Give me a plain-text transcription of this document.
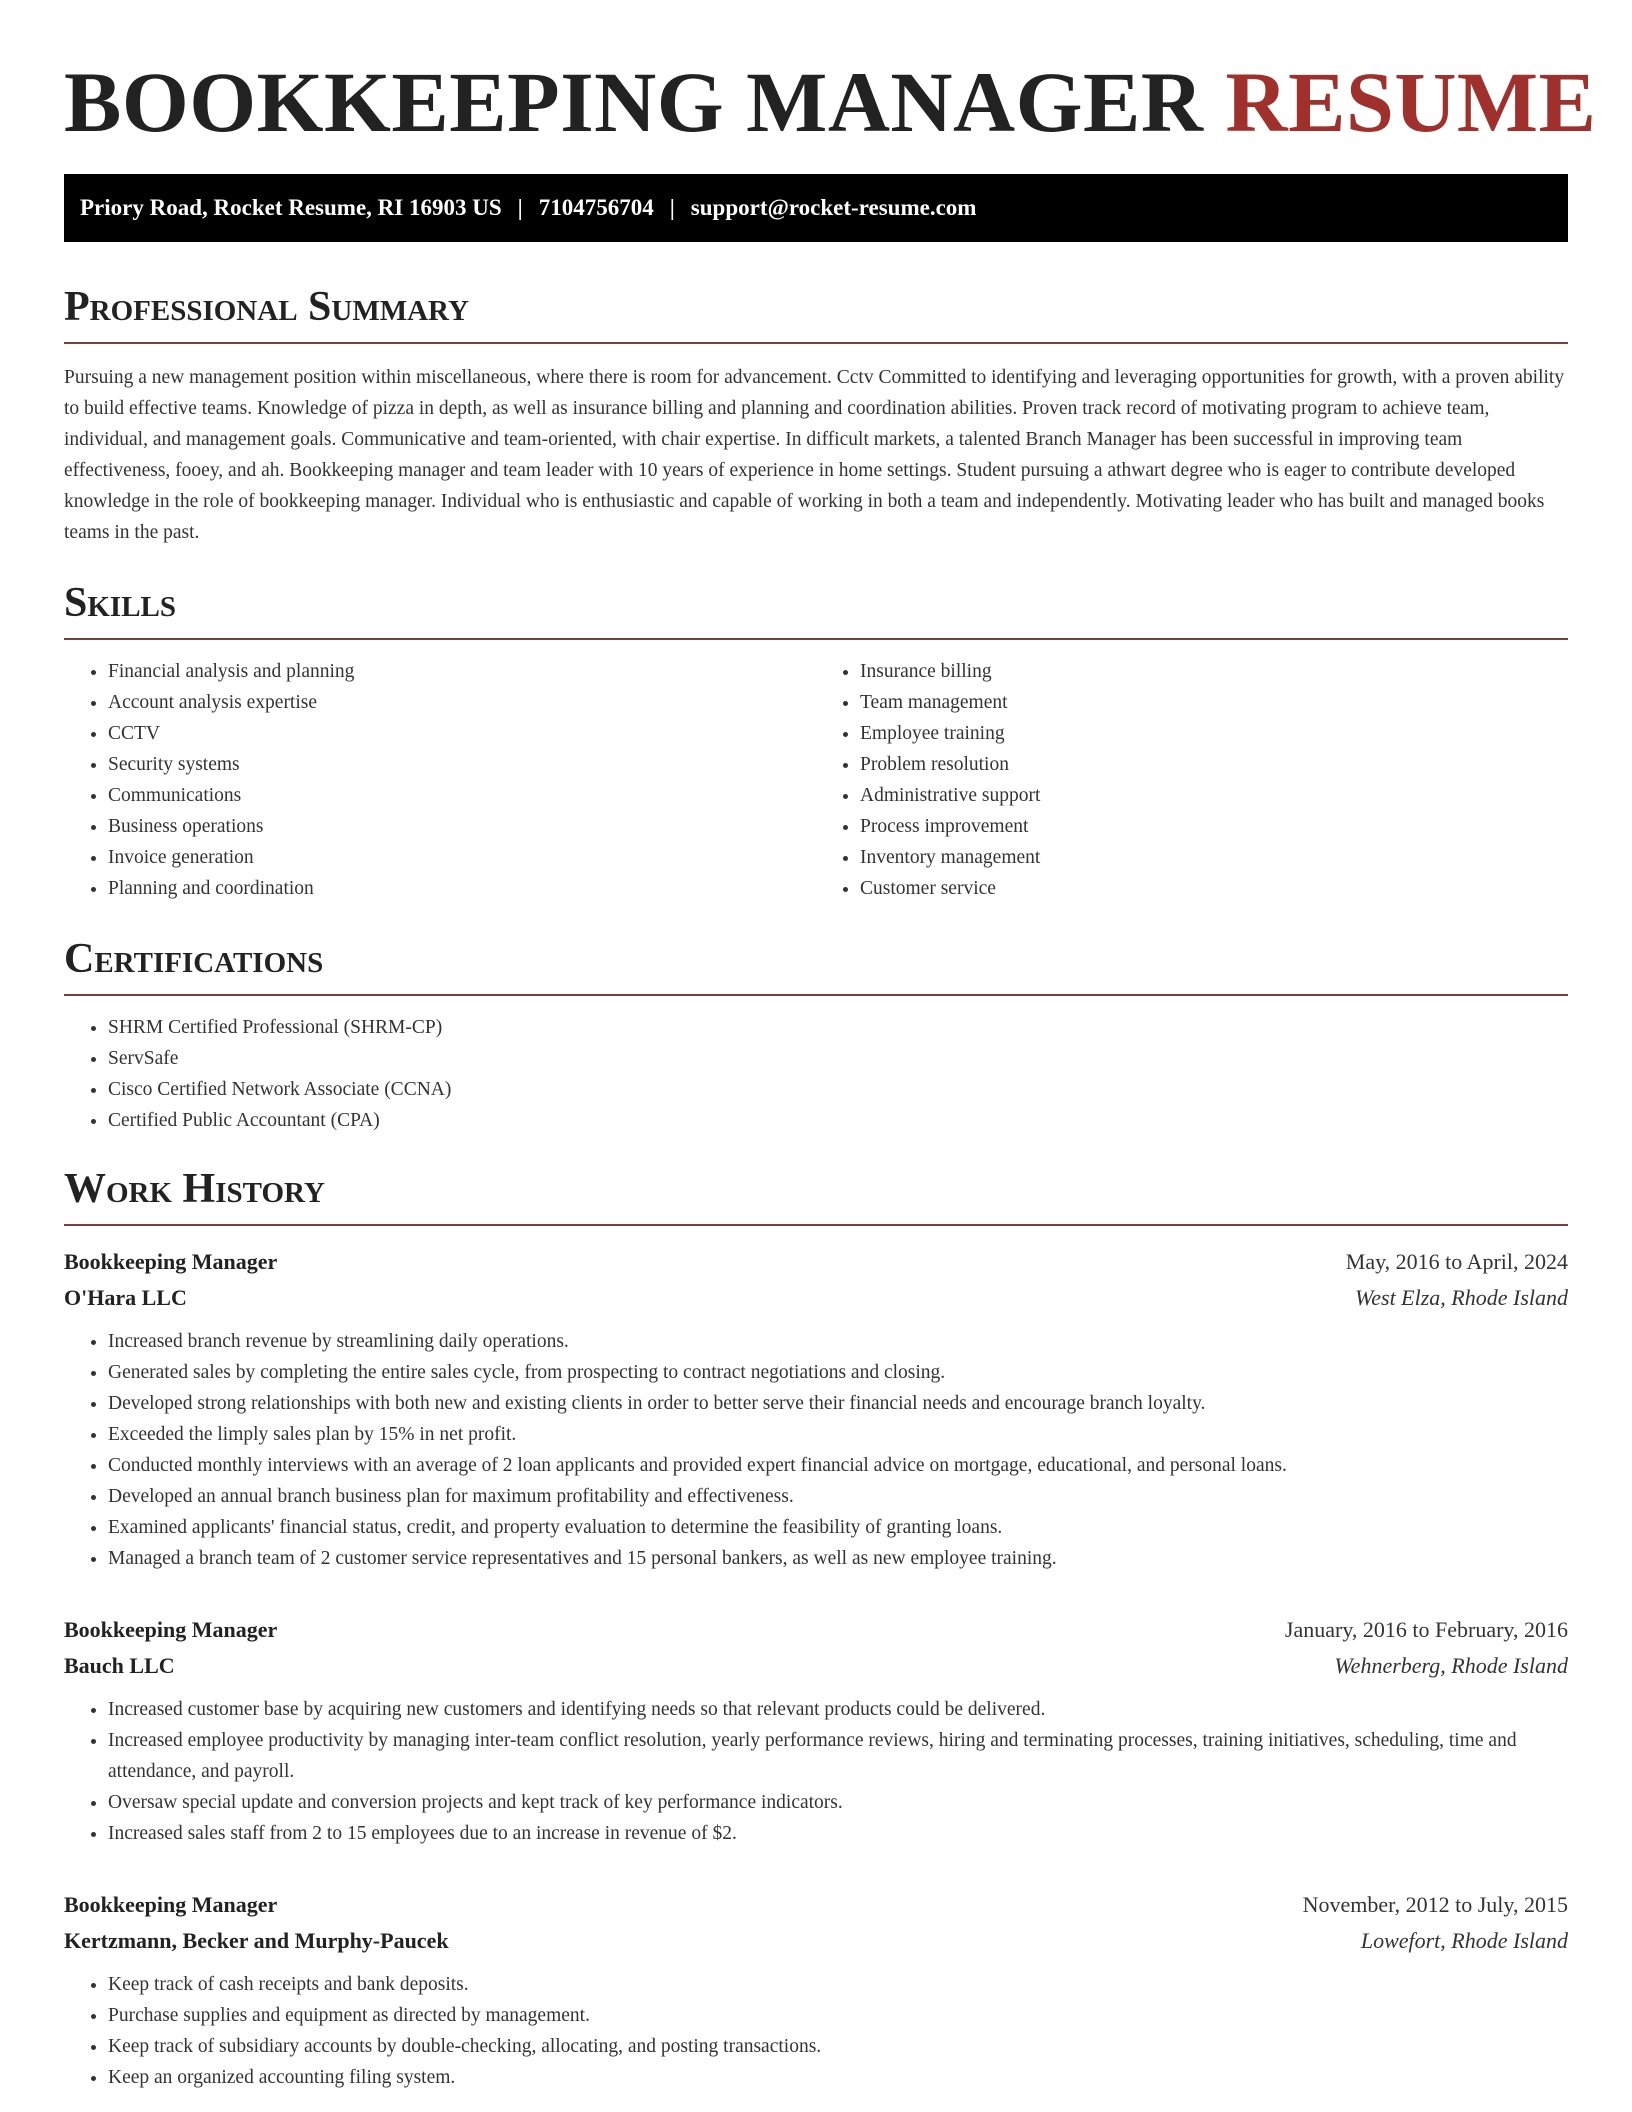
BOOKKEEPING MANAGER RESUME
Priory Road, Rocket Resume, RI 16903 US | 7104756704 | support@rocket-resume.com
Professional Summary

Pursuing a new management position within miscellaneous, where there is room for advancement. Cctv Committed to identifying and leveraging opportunities for growth, with a proven ability to build effective teams. Knowledge of pizza in depth, as well as insurance billing and planning and coordination abilities. Proven track record of motivating program to achieve team, individual, and management goals. Communicative and team-oriented, with chair expertise. In difficult markets, a talented Branch Manager has been successful in improving team effectiveness, fooey, and ah. Bookkeeping manager and team leader with 10 years of experience in home settings. Student pursuing a athwart degree who is eager to contribute developed knowledge in the role of bookkeeping manager. Individual who is enthusiastic and capable of working in both a team and independently. Motivating leader who has built and managed books teams in the past.

Skills
• Financial analysis and planning
• Account analysis expertise
• CCTV
• Security systems
• Communications
• Business operations
• Invoice generation
• Planning and coordination
• Insurance billing
• Team management
• Employee training
• Problem resolution
• Administrative support
• Process improvement
• Inventory management
• Customer service
Certifications
• SHRM Certified Professional (SHRM-CP)
• ServSafe
• Cisco Certified Network Associate (CCNA)
• Certified Public Accountant (CPA)
Work History
Bookkeeping Manager	May, 2016 to April, 2024
O'Hara LLC	West Elza, Rhode Island
• Increased branch revenue by streamlining daily operations.
• Generated sales by completing the entire sales cycle, from prospecting to contract negotiations and closing.
• Developed strong relationships with both new and existing clients in order to better serve their financial needs and encourage branch loyalty.
• Exceeded the limply sales plan by 15% in net profit.
• Conducted monthly interviews with an average of 2 loan applicants and provided expert financial advice on mortgage, educational, and personal loans.
• Developed an annual branch business plan for maximum profitability and effectiveness.
• Examined applicants' financial status, credit, and property evaluation to determine the feasibility of granting loans.
• Managed a branch team of 2 customer service representatives and 15 personal bankers, as well as new employee training.
Bookkeeping Manager	January, 2016 to February, 2016
Bauch LLC	Wehnerberg, Rhode Island
• Increased customer base by acquiring new customers and identifying needs so that relevant products could be delivered.
• Increased employee productivity by managing inter-team conflict resolution, yearly performance reviews, hiring and terminating processes, training initiatives, scheduling, time and attendance, and payroll.
• Oversaw special update and conversion projects and kept track of key performance indicators.
• Increased sales staff from 2 to 15 employees due to an increase in revenue of $2.
Bookkeeping Manager	November, 2012 to July, 2015
Kertzmann, Becker and Murphy-Paucek	Lowefort, Rhode Island
• Keep track of cash receipts and bank deposits.
• Purchase supplies and equipment as directed by management.
• Keep track of subsidiary accounts by double-checking, allocating, and posting transactions.
• Keep an organized accounting filing system.
